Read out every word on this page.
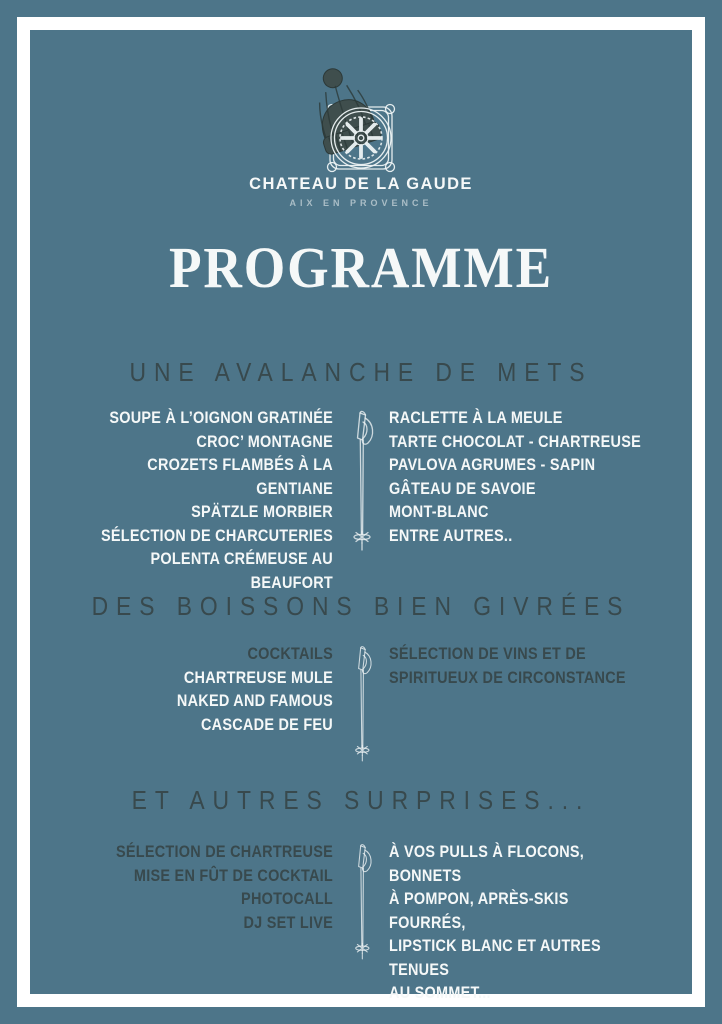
CHATEAU DE LA GAUDE
AIX EN PROVENCE
PROGRAMME
UNE AVALANCHE DE METS
SOUPE À L’OIGNON GRATINÉE
CROC’ MONTAGNE
CROZETS FLAMBÉS À LA GENTIANE
SPÄTZLE MORBIER
SÉLECTION DE CHARCUTERIES
POLENTA CRÉMEUSE AU BEAUFORT
RACLETTE À LA MEULE
TARTE CHOCOLAT - CHARTREUSE
PAVLOVA AGRUMES - SAPIN
GÂTEAU DE SAVOIE
MONT-BLANC
ENTRE AUTRES..
DES BOISSONS BIEN GIVRÉES
COCKTAILS
CHARTREUSE MULE
NAKED AND FAMOUS
CASCADE DE FEU
SÉLECTION DE VINS ET DE
SPIRITUEUX DE CIRCONSTANCE
ET AUTRES SURPRISES...
SÉLECTION DE CHARTREUSE
MISE EN FÛT DE COCKTAIL
PHOTOCALL
DJ SET LIVE
À VOS PULLS À FLOCONS, BONNETS
À POMPON, APRÈS-SKIS FOURRÉS,
LIPSTICK BLANC ET AUTRES TENUES
AU SOMMET...
